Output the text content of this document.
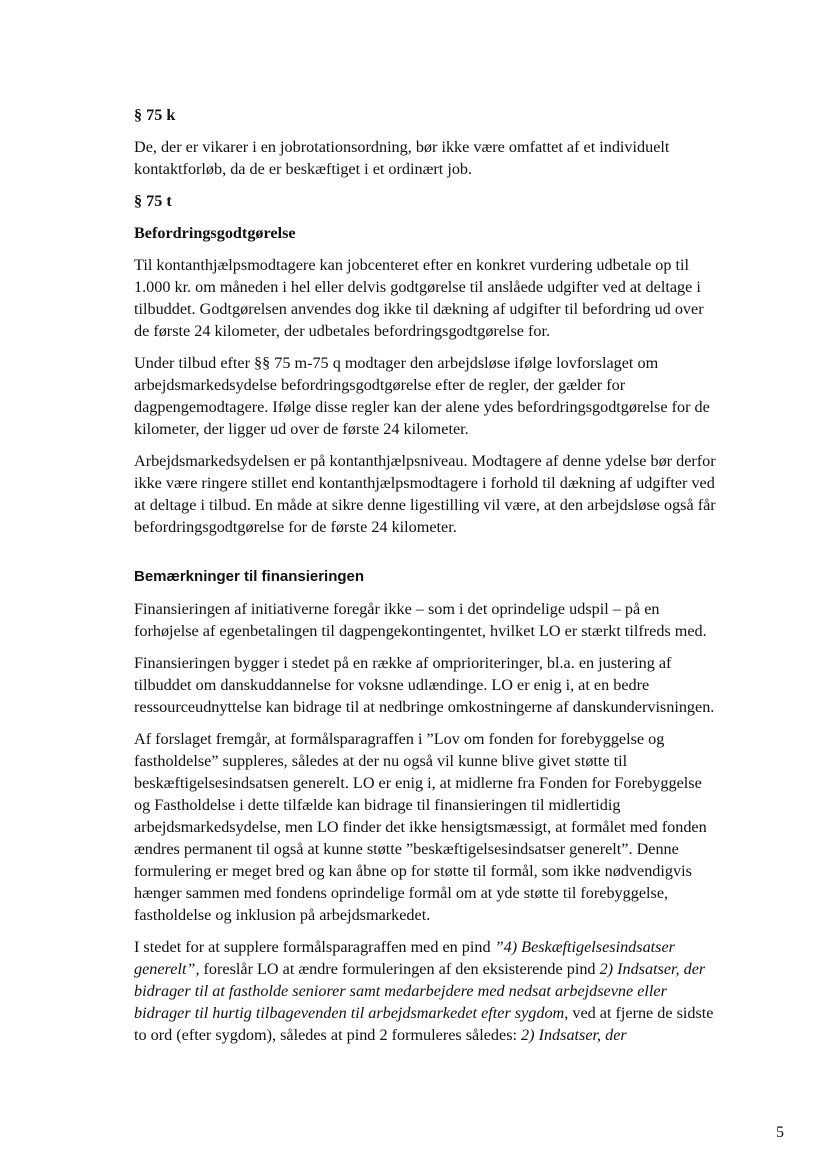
§ 75 k

De, der er vikarer i en jobrotationsordning, bør ikke være omfattet af et individuelt kontaktforløb, da de er beskæftiget i et ordinært job.

§ 75 t
Befordringsgodtgørelse

Til kontanthjælpsmodtagere kan jobcenteret efter en konkret vurdering udbetale op til 1.000 kr. om måneden i hel eller delvis godtgørelse til anslåede udgifter ved at deltage i tilbuddet. Godtgørelsen anvendes dog ikke til dækning af udgifter til befordring ud over de første 24 kilometer, der udbetales befordringsgodtgørelse for.

Under tilbud efter §§ 75 m-75 q modtager den arbejdsløse ifølge lovforslaget om arbejdsmarkedsydelse befordringsgodtgørelse efter de regler, der gælder for dagpengemodtagere. Ifølge disse regler kan der alene ydes befordringsgodtgørelse for de kilometer, der ligger ud over de første 24 kilometer.

Arbejdsmarkedsydelsen er på kontanthjælpsniveau. Modtagere af denne ydelse bør derfor ikke være ringere stillet end kontanthjælpsmodtagere i forhold til dækning af udgifter ved at deltage i tilbud. En måde at sikre denne ligestilling vil være, at den arbejdsløse også får befordringsgodtgørelse for de første 24 kilometer.

Bemærkninger til finansieringen

Finansieringen af initiativerne foregår ikke – som i det oprindelige udspil – på en forhøjelse af egenbetalingen til dagpengekontingentet, hvilket LO er stærkt tilfreds med.

Finansieringen bygger i stedet på en række af omprioriteringer, bl.a. en justering af tilbuddet om danskuddannelse for voksne udlændinge. LO er enig i, at en bedre ressourceudnyttelse kan bidrage til at nedbringe omkostningerne af danskundervisningen.

Af forslaget fremgår, at formålsparagraffen i ”Lov om fonden for forebyggelse og fastholdelse” suppleres, således at der nu også vil kunne blive givet støtte til beskæftigelsesindsatsen generelt. LO er enig i, at midlerne fra Fonden for Forebyggelse og Fastholdelse i dette tilfælde kan bidrage til finansieringen til midlertidig arbejdsmarkedsydelse, men LO finder det ikke hensigtsmæssigt, at formålet med fonden ændres permanent til også at kunne støtte ”beskæftigelsesindsatser generelt”. Denne formulering er meget bred og kan åbne op for støtte til formål, som ikke nødvendigvis hænger sammen med fondens oprindelige formål om at yde støtte til forebyggelse, fastholdelse og inklusion på arbejdsmarkedet.

I stedet for at supplere formålsparagraffen med en pind ”4) Beskæftigelsesindsatser generelt”, foreslår LO at ændre formuleringen af den eksisterende pind 2) Indsatser, der bidrager til at fastholde seniorer samt medarbejdere med nedsat arbejdsevne eller bidrager til hurtig tilbagevenden til arbejdsmarkedet efter sygdom, ved at fjerne de sidste to ord (efter sygdom), således at pind 2 formuleres således: 2) Indsatser, der

5
